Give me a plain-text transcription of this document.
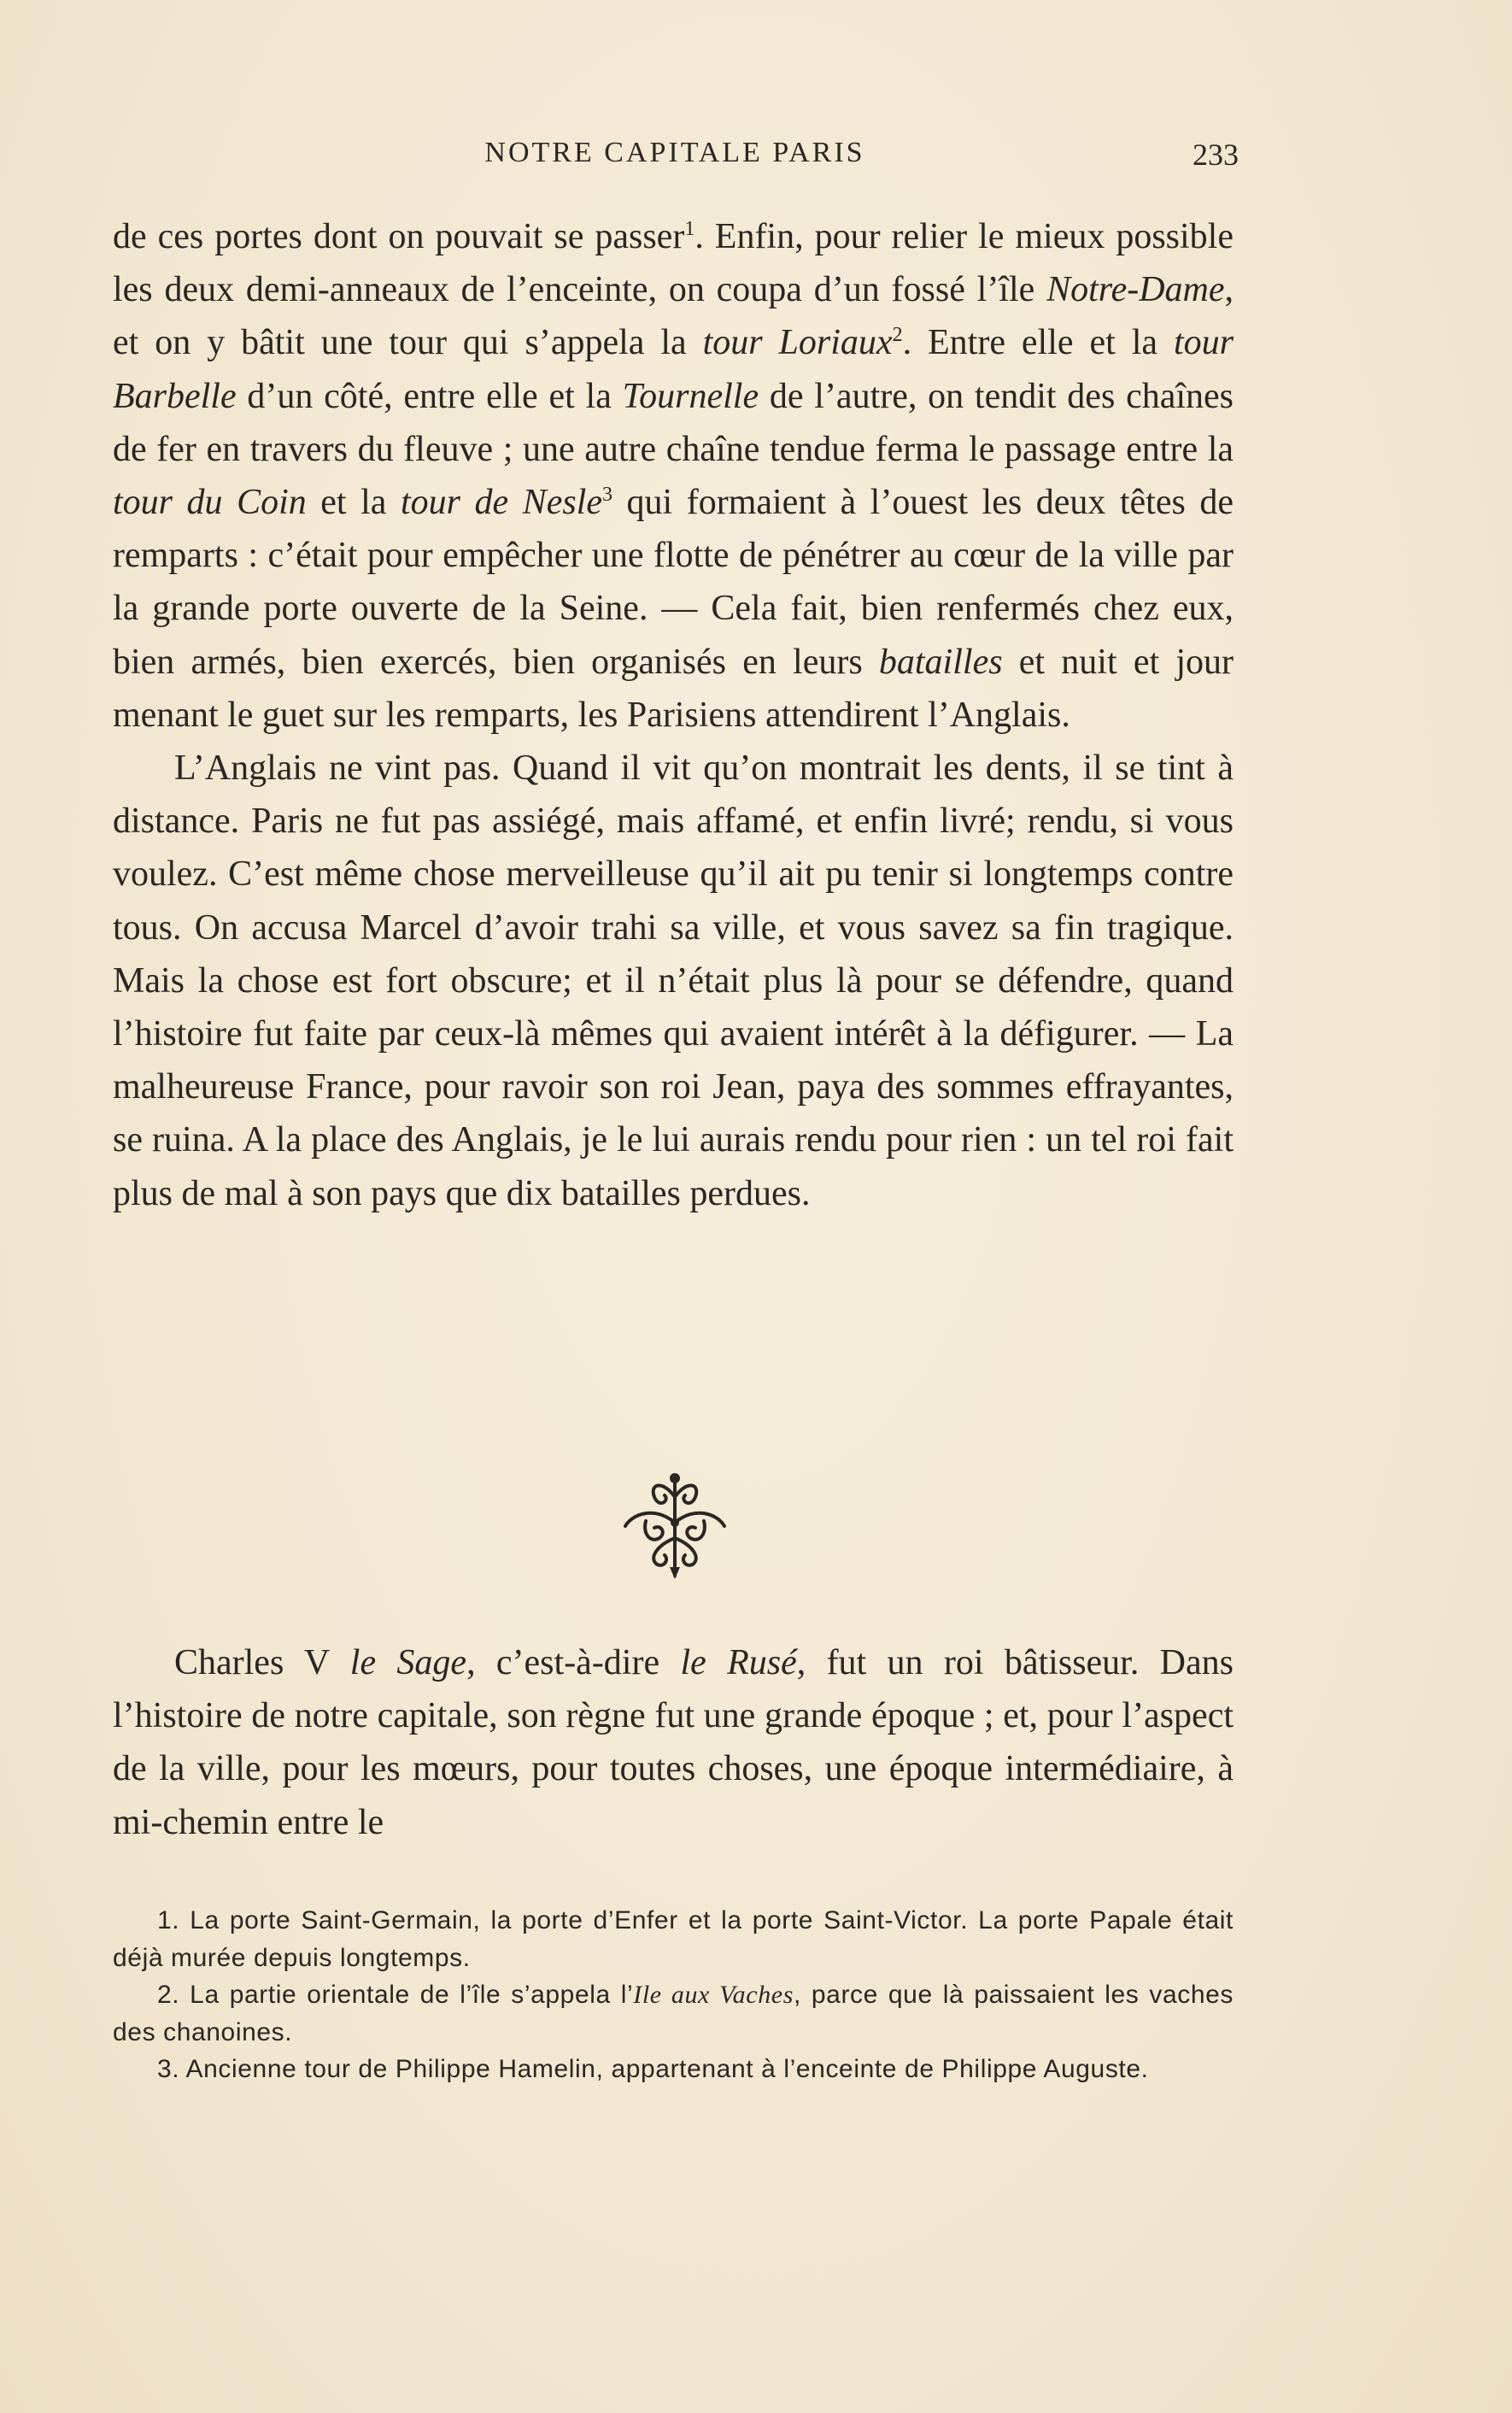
NOTRE CAPITALE PARIS	233

de ces portes dont on pouvait se passer$^1$. Enfin, pour relier le mieux possible les deux demi-anneaux de l’enceinte, on coupa d’un fossé l’île Notre-Dame, et on y bâtit une tour qui s’appela la tour Loriaux$^2$. Entre elle et la tour Barbelle d’un côté, entre elle et la Tournelle de l’autre, on tendit des chaînes de fer en travers du fleuve ; une autre chaîne tendue ferma le passage entre la tour du Coin et la tour de Nesle$^3$ qui formaient à l’ouest les deux têtes de remparts : c’était pour empêcher une flotte de pénétrer au cœur de la ville par la grande porte ouverte de la Seine. — Cela fait, bien renfermés chez eux, bien armés, bien exercés, bien organisés en leurs batailles et nuit et jour menant le guet sur les remparts, les Parisiens attendirent l’Anglais.

L’Anglais ne vint pas. Quand il vit qu’on montrait les dents, il se tint à distance. Paris ne fut pas assiégé, mais affamé, et enfin livré; rendu, si vous voulez. C’est même chose merveilleuse qu’il ait pu tenir si longtemps contre tous. On accusa Marcel d’avoir trahi sa ville, et vous savez sa fin tragique. Mais la chose est fort obscure; et il n’était plus là pour se défendre, quand l’histoire fut faite par ceux-là mêmes qui avaient intérêt à la défigurer. — La malheureuse France, pour ravoir son roi Jean, paya des sommes effrayantes, se ruina. A la place des Anglais, je le lui aurais rendu pour rien : un tel roi fait plus de mal à son pays que dix batailles perdues.

Charles V le Sage, c’est-à-dire le Rusé, fut un roi bâtisseur. Dans l’histoire de notre capitale, son règne fut une grande époque ; et, pour l’aspect de la ville, pour les mœurs, pour toutes choses, une époque intermédiaire, à mi-chemin entre le

1. La porte Saint-Germain, la porte d’Enfer et la porte Saint-Victor. La porte Papale était déjà murée depuis longtemps.

2. La partie orientale de l’île s’appela l’Ile aux Vaches, parce que là paissaient les vaches des chanoines.

3. Ancienne tour de Philippe Hamelin, appartenant à l’enceinte de Philippe Auguste.
